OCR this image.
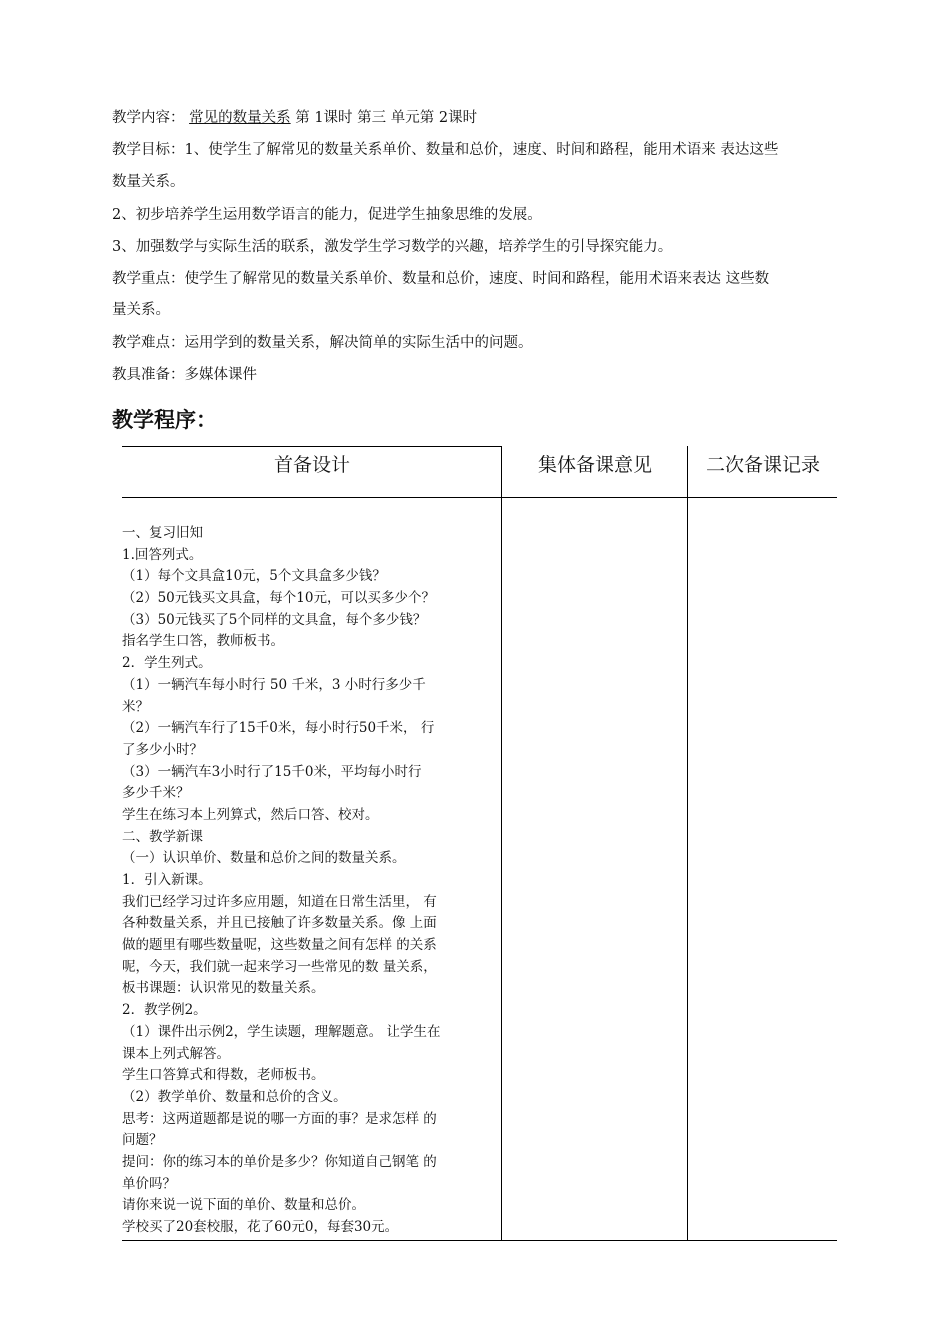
教学内容： 常见的数量关系 第 1课时 第三 单元第 2课时
教学目标：1、使学生了解常见的数量关系单价、数量和总价，速度、时间和路程，能用术语来 表达这些
数量关系。
2、初步培养学生运用数学语言的能力，促进学生抽象思维的发展。
3、加强数学与实际生活的联系，激发学生学习数学的兴趣，培养学生的引导探究能力。
教学重点：使学生了解常见的数量关系单价、数量和总价，速度、时间和路程，能用术语来表达 这些数
量关系。
教学难点：运用学到的数量关系，解决简单的实际生活中的问题。
教具准备：多媒体课件
教学程序：
首备设计	集体备课意见	二次备课记录
一、复习旧知
1.回答列式。
（1）每个文具盒10元，5个文具盒多少钱？
（2）50元钱买文具盒，每个10元，可以买多少个？
（3）50元钱买了5个同样的文具盒，每个多少钱？
指名学生口答，教师板书。
2．学生列式。
（1）一辆汽车每小时行 50 千米，3 小时行多少千
米？
（2）一辆汽车行了15千0米，每小时行50千米， 行
了多少小时？
（3）一辆汽车3小时行了15千0米，平均每小时行
多少千米？
学生在练习本上列算式，然后口答、校对。
二、教学新课
（一）认识单价、数量和总价之间的数量关系。
1．引入新课。
我们已经学习过许多应用题，知道在日常生活里， 有
各种数量关系，并且已接触了许多数量关系。像 上面
做的题里有哪些数量呢，这些数量之间有怎样 的关系
呢，今天，我们就一起来学习一些常见的数 量关系，
板书课题：认识常见的数量关系。
2．教学例2。
（1）课件出示例2，学生读题，理解题意。 让学生在
课本上列式解答。
学生口答算式和得数，老师板书。
（2）教学单价、数量和总价的含义。
思考：这两道题都是说的哪一方面的事？是求怎样 的
问题？
提问：你的练习本的单价是多少？你知道自己钢笔 的
单价吗？
请你来说一说下面的单价、数量和总价。
学校买了20套校服，花了60元0，每套30元。
